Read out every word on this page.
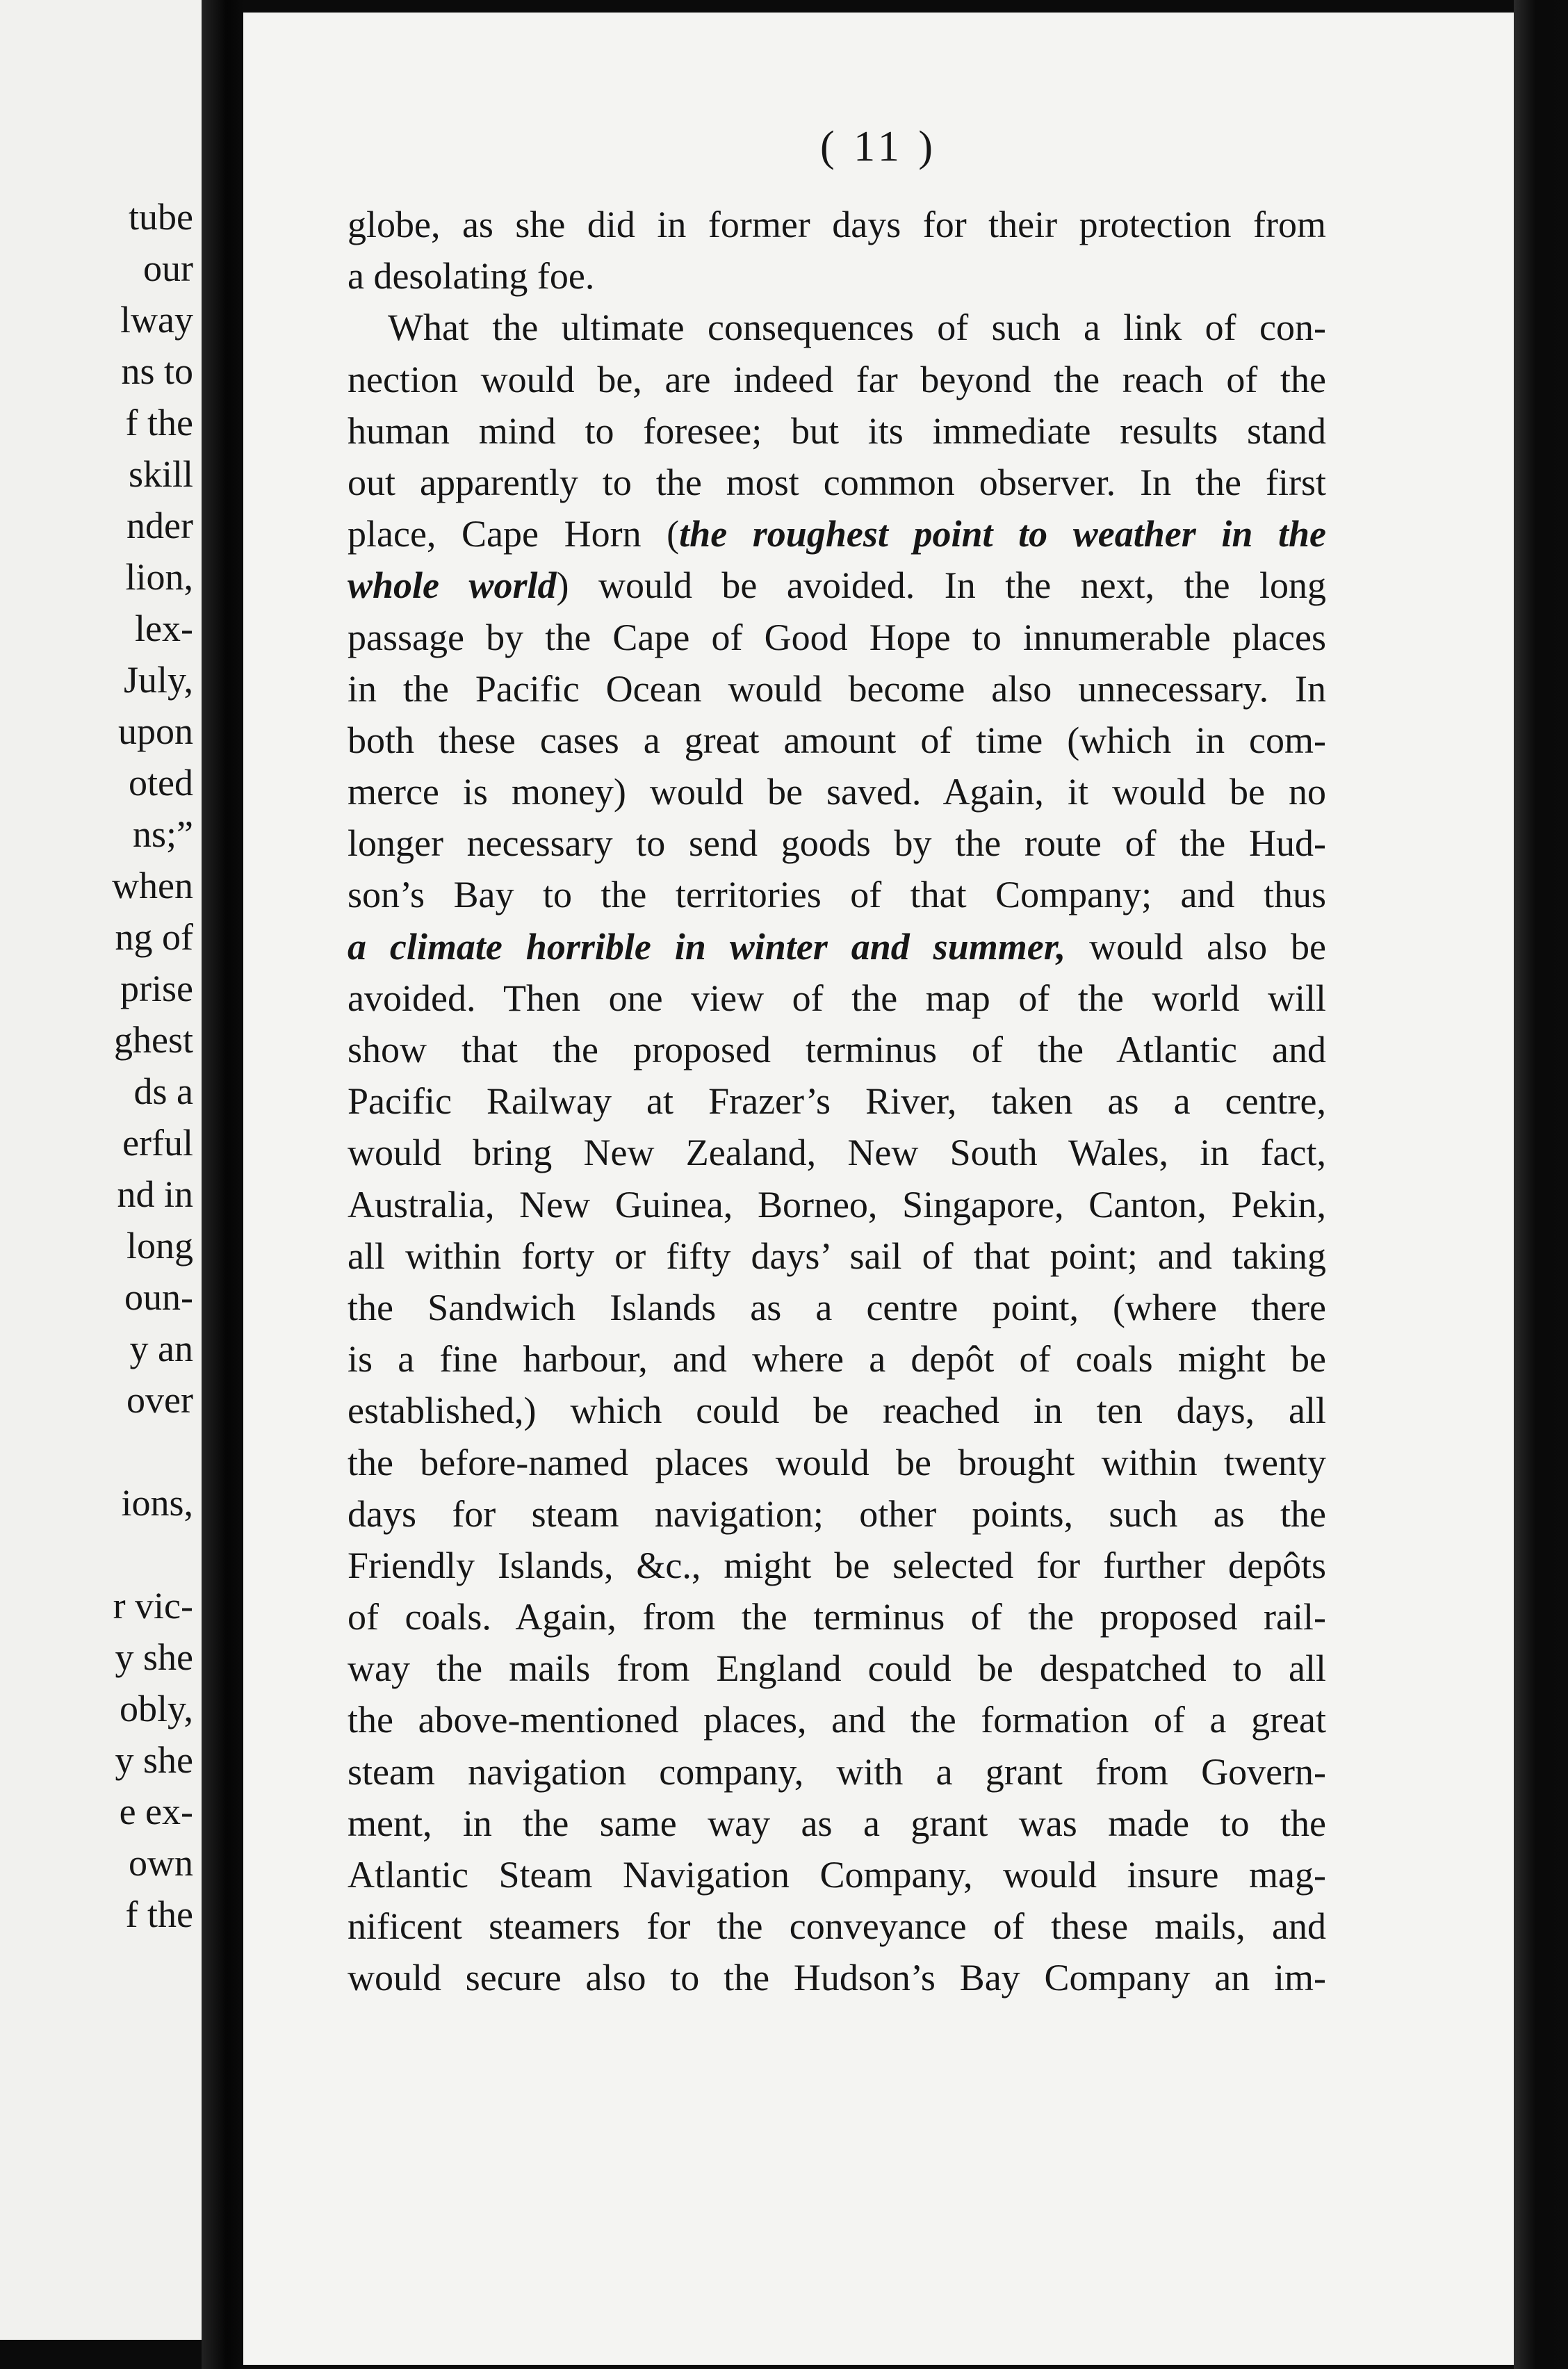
tube
our
lway
ns to
f the
skill
nder
lion,
lex-
July,
upon
oted
ns;”
when
ng of
prise
ghest
ds a
erful
nd in
long
oun-
y an
over
ions,
r vic-
y she
obly,
y she
e ex-
own
f the
( 11 )
globe, as she did in former days for their protection from
a desolating foe.
What the ultimate consequences of such a link of con-
nection would be, are indeed far beyond the reach of the
human mind to foresee; but its immediate results stand
out apparently to the most common observer. In the first
place, Cape Horn (the roughest point to weather in the
whole world) would be avoided. In the next, the long
passage by the Cape of Good Hope to innumerable places
in the Pacific Ocean would become also unnecessary. In
both these cases a great amount of time (which in com-
merce is money) would be saved. Again, it would be no
longer necessary to send goods by the route of the Hud-
son’s Bay to the territories of that Company; and thus
a climate horrible in winter and summer, would also be
avoided. Then one view of the map of the world will
show that the proposed terminus of the Atlantic and
Pacific Railway at Frazer’s River, taken as a centre,
would bring New Zealand, New South Wales, in fact,
Australia, New Guinea, Borneo, Singapore, Canton, Pekin,
all within forty or fifty days’ sail of that point; and taking
the Sandwich Islands as a centre point, (where there
is a fine harbour, and where a depôt of coals might be
established,) which could be reached in ten days, all
the before-named places would be brought within twenty
days for steam navigation; other points, such as the
Friendly Islands, &c., might be selected for further depôts
of coals. Again, from the terminus of the proposed rail-
way the mails from England could be despatched to all
the above-mentioned places, and the formation of a great
steam navigation company, with a grant from Govern-
ment, in the same way as a grant was made to the
Atlantic Steam Navigation Company, would insure mag-
nificent steamers for the conveyance of these mails, and
would secure also to the Hudson’s Bay Company an im-
